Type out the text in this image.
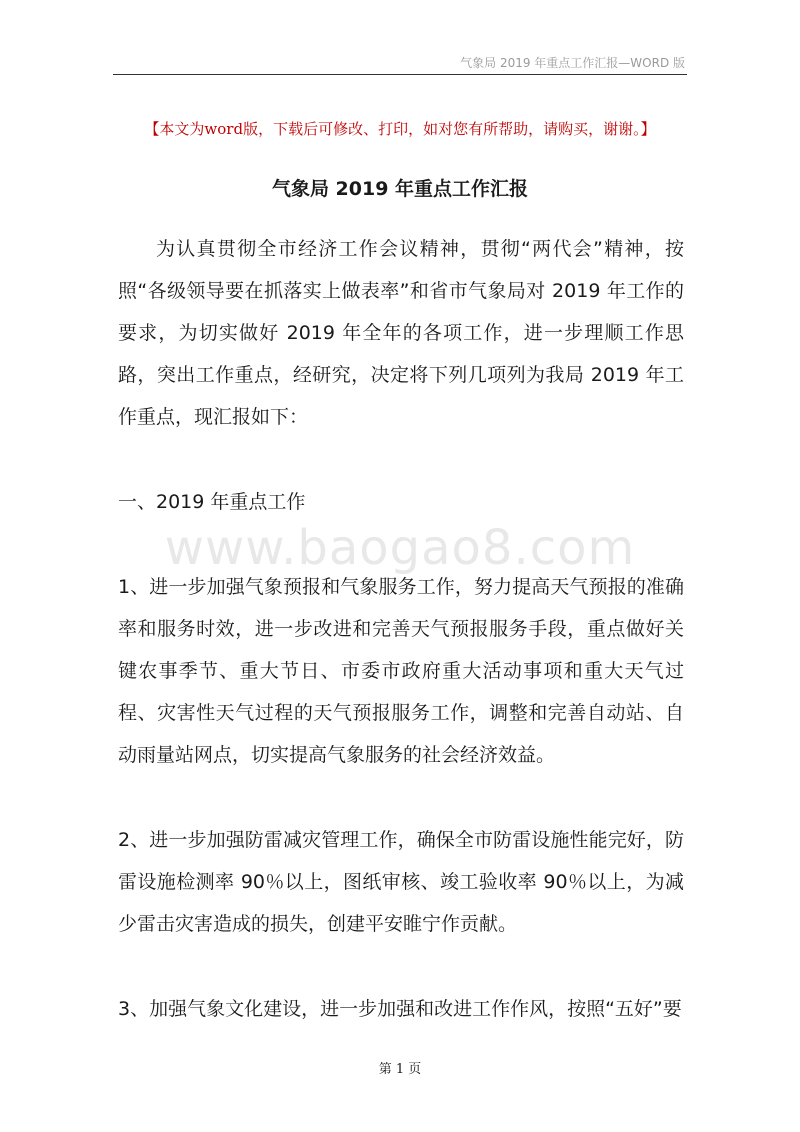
气象局 2019 年重点工作汇报—WORD 版
【本文为word版，下载后可修改、打印，如对您有所帮助，请购买，谢谢。】
气象局 2019 年重点工作汇报
为认真贯彻全市经济工作会议精神，贯彻“两代会”精神，按照“各级领导要在抓落实上做表率”和省市气象局对 2019 年工作的要求，为切实做好 2019 年全年的各项工作，进一步理顺工作思路，突出工作重点，经研究，决定将下列几项列为我局 2019 年工作重点，现汇报如下：
一、2019 年重点工作
www.baogao8.com
1、进一步加强气象预报和气象服务工作，努力提高天气预报的准确率和服务时效，进一步改进和完善天气预报服务手段，重点做好关键农事季节、重大节日、市委市政府重大活动事项和重大天气过程、灾害性天气过程的天气预报服务工作，调整和完善自动站、自动雨量站网点，切实提高气象服务的社会经济效益。
2、进一步加强防雷减灾管理工作，确保全市防雷设施性能完好，防雷设施检测率 90％以上，图纸审核、竣工验收率 90％以上，为减少雷击灾害造成的损失，创建平安睢宁作贡献。
3、加强气象文化建设，进一步加强和改进工作作风，按照“五好”要
第 1 页
